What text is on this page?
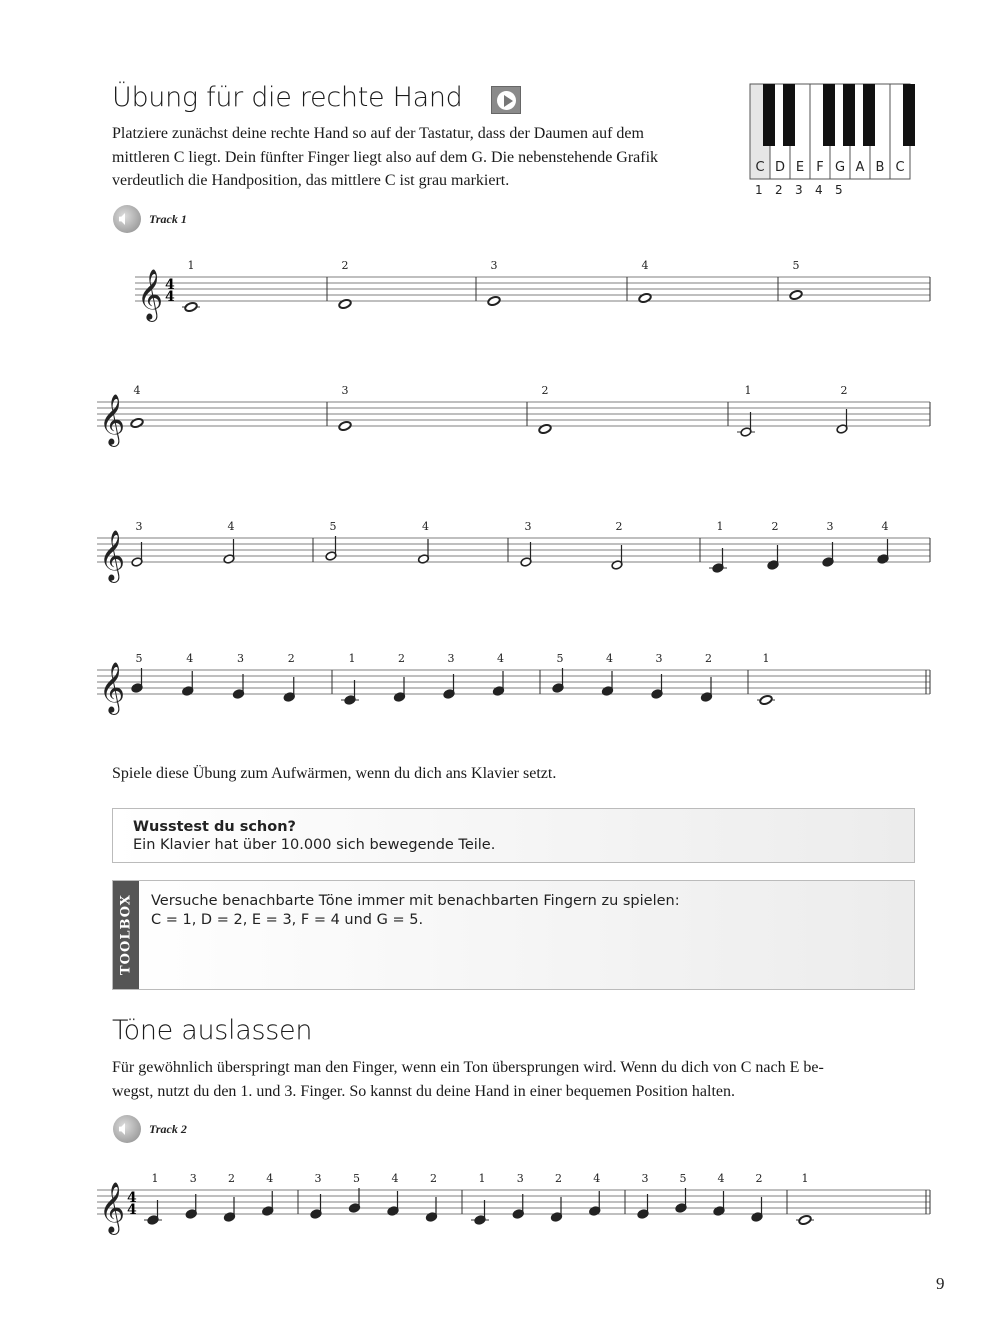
Übung für die rechte Hand
Platziere zunächst deine rechte Hand so auf der Tastatur, dass der Daumen auf dem
mittleren C liegt. Dein fünfter Finger liegt also auf dem G. Die nebenstehende Grafik
verdeutlich die Handposition, das mittlere C ist grau markiert.
C D E F G A B C
1	2	3	4	5
Track 1
𝄞 4
4
1	2	3	4	5
𝄞
4	3	2	1	2
𝄞
3	4	5	4	3	2	1	2	3	4
𝄞
5	4	3	2	1	2	3	4	5	4	3	2	1
Spiele diese Übung zum Aufwärmen, wenn du dich ans Klavier setzt.
Wusstest du schon?
Ein Klavier hat über 10.000 sich bewegende Teile.
TOOLBOX	Versuche benachbarte Töne immer mit benachbarten Fingern zu spielen:
C = 1, D = 2, E = 3, F = 4 und G = 5.
Töne auslassen
Für gewöhnlich überspringt man den Finger, wenn ein Ton übersprungen wird. Wenn du dich von C nach E be-
wegst, nutzt du den 1. und 3. Finger. So kannst du deine Hand in einer bequemen Position halten.
Track 2
𝄞 4
4
1	3	2	4	3	5	4	2	1	3	2	4	3	5	4	2	1
9
